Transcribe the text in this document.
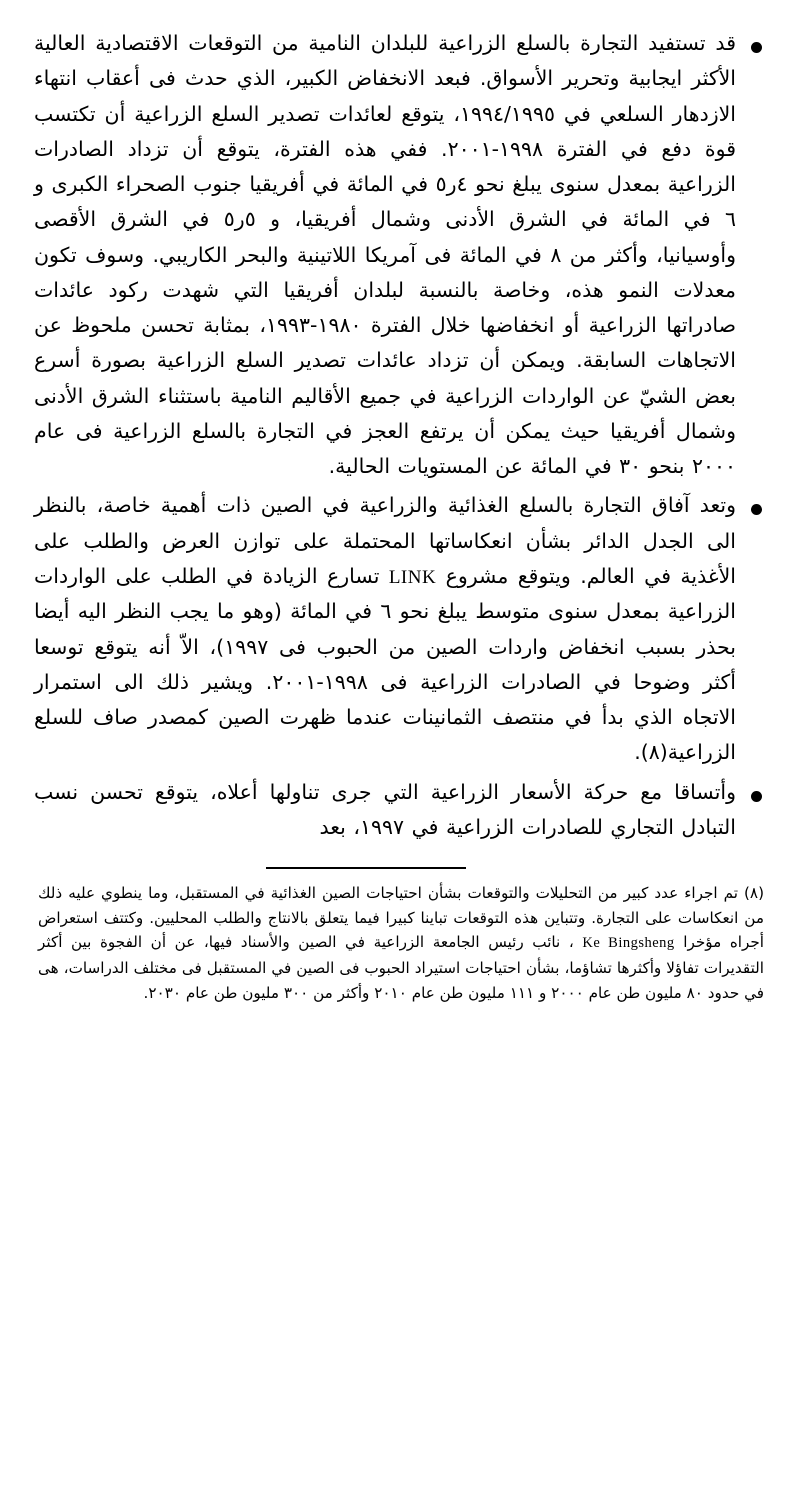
قد تستفيد التجارة بالسلع الزراعية للبلدان النامية من التوقعات الاقتصادية العالية الأكثر ايجابية وتحرير الأسواق. فبعد الانخفاض الكبير، الذي حدث فى أعقاب انتهاء الازدهار السلعي في ١٩٩٤/١٩٩٥، يتوقع لعائدات تصدير السلع الزراعية أن تكتسب قوة دفع في الفترة ١٩٩٨-٢٠٠١. ففي هذه الفترة، يتوقع أن تزداد الصادرات الزراعية بمعدل سنوى يبلغ نحو ٤ر٥ في المائة في أفريقيا جنوب الصحراء الكبرى و ٦ في المائة في الشرق الأدنى وشمال أفريقيا، و ٥ر٥ في الشرق الأقصى وأوسيانيا، وأكثر من ٨ في المائة فى آمريكا اللاتينية والبحر الكاريبي. وسوف تكون معدلات النمو هذه، وخاصة بالنسبة لبلدان أفريقيا التي شهدت ركود عائدات صادراتها الزراعية أو انخفاضها خلال الفترة ١٩٨٠-١٩٩٣، بمثابة تحسن ملحوظ عن الاتجاهات السابقة. ويمكن أن تزداد عائدات تصدير السلع الزراعية بصورة أسرع بعض الشيّ عن الواردات الزراعية في جميع الأقاليم النامية باستثناء الشرق الأدنى وشمال أفريقيا حيث يمكن أن يرتفع العجز في التجارة بالسلع الزراعية فى عام ٢٠٠٠ بنحو ٣٠ في المائة عن المستويات الحالية.

وتعد آفاق التجارة بالسلع الغذائية والزراعية في الصين ذات أهمية خاصة، بالنظر الى الجدل الدائر بشأن انعكاساتها المحتملة على توازن العرض والطلب على الأغذية في العالم. ويتوقع مشروع LINK تسارع الزيادة في الطلب على الواردات الزراعية بمعدل سنوى متوسط يبلغ نحو ٦ في المائة (وهو ما يجب النظر اليه أيضا بحذر بسبب انخفاض واردات الصين من الحبوب فى ١٩٩٧)، الاّ أنه يتوقع توسعا أكثر وضوحا في الصادرات الزراعية فى ١٩٩٨-٢٠٠١. ويشير ذلك الى استمرار الاتجاه الذي بدأ في منتصف الثمانينات عندما ظهرت الصين كمصدر صاف للسلع الزراعية(٨).

وأتساقا مع حركة الأسعار الزراعية التي جرى تناولها أعلاه، يتوقع تحسن نسب التبادل التجاري للصادرات الزراعية في ١٩٩٧، بعد

(٨) تم اجراء عدد كبير من التحليلات والتوقعات بشأن احتياجات الصين الغذائية في المستقبل، وما ينطوي عليه ذلك من انعكاسات على التجارة. وتتباين هذه التوقعات تباينا كبيرا فيما يتعلق بالانتاج والطلب المحليين. وكتتف استعراض أجراه مؤخرا Ke Bingsheng ، نائب رئيس الجامعة الزراعية في الصين والأسناد فيها، عن أن الفجوة بين أكثر التقديرات تفاؤلا وأكثرها تشاؤما، بشأن احتياجات استيراد الحبوب فى الصين في المستقبل فى مختلف الدراسات، هى في حدود ٨٠ مليون طن عام ٢٠٠٠ و ١١١ مليون طن عام ٢٠١٠ وأكثر من ٣٠٠ مليون طن عام ٢٠٣٠.
